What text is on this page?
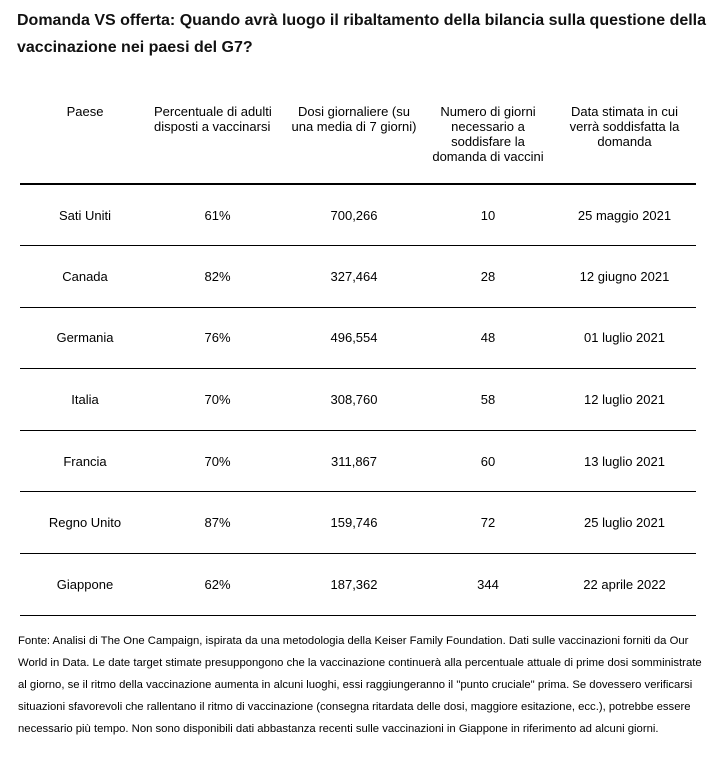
Domanda VS offerta: Quando avrà luogo il ribaltamento della bilancia sulla questione della vaccinazione nei paesi del G7?
Paese	Percentuale di adulti disposti a vaccinarsi	Dosi giornaliere (su una media di 7 giorni)	Numero di giorni necessario a soddisfare la domanda di vaccini	Data stimata in cui verrà soddisfatta la domanda
Sati Uniti	61%	700,266	10	25 maggio 2021
Canada	82%	327,464	28	12 giugno 2021
Germania	76%	496,554	48	01 luglio 2021
Italia	70%	308,760	58	12 luglio 2021
Francia	70%	311,867	60	13 luglio 2021
Regno Unito	87%	159,746	72	25 luglio 2021
Giappone	62%	187,362	344	22 aprile 2022
Fonte: Analisi di The One Campaign, ispirata da una metodologia della Keiser Family Foundation. Dati sulle vaccinazioni forniti da Our World in Data. Le date target stimate presuppongono che la vaccinazione continuerà alla percentuale attuale di prime dosi somministrate al giorno, se il ritmo della vaccinazione aumenta in alcuni luoghi, essi raggiungeranno il "punto cruciale" prima. Se dovessero verificarsi situazioni sfavorevoli che rallentano il ritmo di vaccinazione (consegna ritardata delle dosi, maggiore esitazione, ecc.), potrebbe essere necessario più tempo. Non sono disponibili dati abbastanza recenti sulle vaccinazioni in Giappone in riferimento ad alcuni giorni.
